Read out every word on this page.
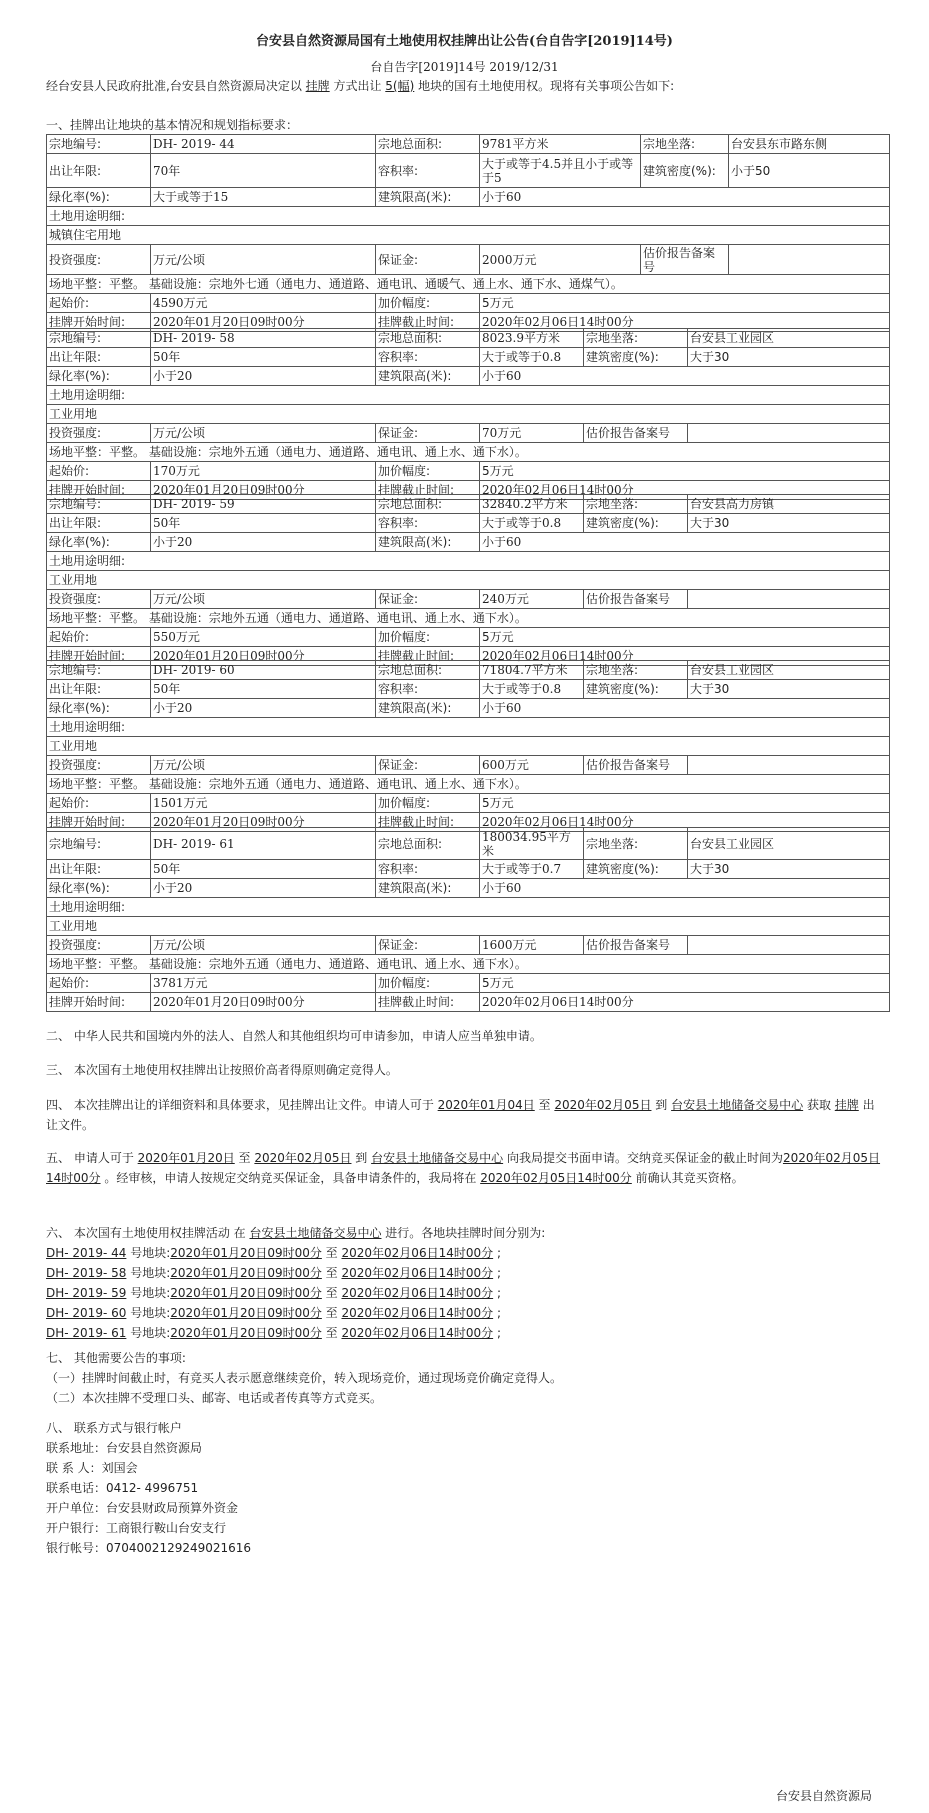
台安县自然资源局国有土地使用权挂牌出让公告(台自告字[2019]14号)
台自告字[2019]14号 2019/12/31
经台安县人民政府批准,台安县自然资源局决定以 挂牌 方式出让 5(幅) 地块的国有土地使用权。现将有关事项公告如下:
一、挂牌出让地块的基本情况和规划指标要求：
宗地编号:	DH- 2019- 44	宗地总面积:	9781平方米	宗地坐落:	台安县东市路东侧
出让年限:	70年	容积率:	大于或等于4.5并且小于或等于5	建筑密度(%):	小于50
绿化率(%):	大于或等于15	建筑限高(米):	小于60		
土地用途明细:					
城镇住宅用地					
投资强度:	万元/公顷	保证金:	2000万元	估价报告备案号	
场地平整：平整。 基础设施：宗地外七通（通电力、通道路、通电讯、通暖气、通上水、通下水、通煤气）。					
起始价:	4590万元	加价幅度:	5万元		
挂牌开始时间:	2020年01月20日09时00分	挂牌截止时间:	2020年02月06日14时00分		
宗地编号:	DH- 2019- 58	宗地总面积:	8023.9平方米	宗地坐落:	台安县工业园区
出让年限:	50年	容积率:	大于或等于0.8	建筑密度(%):	大于30
绿化率(%):	小于20	建筑限高(米):	小于60		
土地用途明细:					
工业用地					
投资强度:	万元/公顷	保证金:	70万元	估价报告备案号	
场地平整：平整。 基础设施：宗地外五通（通电力、通道路、通电讯、通上水、通下水）。					
起始价:	170万元	加价幅度:	5万元		
挂牌开始时间:	2020年01月20日09时00分	挂牌截止时间:	2020年02月06日14时00分		
宗地编号:	DH- 2019- 59	宗地总面积:	32840.2平方米	宗地坐落:	台安县高力房镇
出让年限:	50年	容积率:	大于或等于0.8	建筑密度(%):	大于30
绿化率(%):	小于20	建筑限高(米):	小于60		
土地用途明细:					
工业用地					
投资强度:	万元/公顷	保证金:	240万元	估价报告备案号	
场地平整：平整。 基础设施：宗地外五通（通电力、通道路、通电讯、通上水、通下水）。					
起始价:	550万元	加价幅度:	5万元		
挂牌开始时间:	2020年01月20日09时00分	挂牌截止时间:	2020年02月06日14时00分		
宗地编号:	DH- 2019- 60	宗地总面积:	71804.7平方米	宗地坐落:	台安县工业园区
出让年限:	50年	容积率:	大于或等于0.8	建筑密度(%):	大于30
绿化率(%):	小于20	建筑限高(米):	小于60		
土地用途明细:					
工业用地					
投资强度:	万元/公顷	保证金:	600万元	估价报告备案号	
场地平整：平整。 基础设施：宗地外五通（通电力、通道路、通电讯、通上水、通下水）。					
起始价:	1501万元	加价幅度:	5万元		
挂牌开始时间:	2020年01月20日09时00分	挂牌截止时间:	2020年02月06日14时00分		
宗地编号:	DH- 2019- 61	宗地总面积:	180034.95平方米	宗地坐落:	台安县工业园区
出让年限:	50年	容积率:	大于或等于0.7	建筑密度(%):	大于30
绿化率(%):	小于20	建筑限高(米):	小于60		
土地用途明细:					
工业用地					
投资强度:	万元/公顷	保证金:	1600万元	估价报告备案号	
场地平整：平整。 基础设施：宗地外五通（通电力、通道路、通电讯、通上水、通下水）。					
起始价:	3781万元	加价幅度:	5万元		
挂牌开始时间:	2020年01月20日09时00分	挂牌截止时间:	2020年02月06日14时00分		
二、 中华人民共和国境内外的法人、自然人和其他组织均可申请参加，申请人应当单独申请。
三、 本次国有土地使用权挂牌出让按照价高者得原则确定竞得人。
四、 本次挂牌出让的详细资料和具体要求，见挂牌出让文件。申请人可于 2020年01月04日 至 2020年02月05日 到 台安县土地储备交易中心 获取 挂牌 出让文件。
五、 申请人可于 2020年01月20日 至 2020年02月05日 到 台安县土地储备交易中心 向我局提交书面申请。交纳竞买保证金的截止时间为2020年02月05日14时00分 。经审核，申请人按规定交纳竞买保证金，具备申请条件的，我局将在 2020年02月05日14时00分 前确认其竞买资格。
六、 本次国有土地使用权挂牌活动 在 台安县土地储备交易中心 进行。各地块挂牌时间分别为:
DH- 2019- 44 号地块:2020年01月20日09时00分 至 2020年02月06日14时00分 ;
DH- 2019- 58 号地块:2020年01月20日09时00分 至 2020年02月06日14时00分 ;
DH- 2019- 59 号地块:2020年01月20日09时00分 至 2020年02月06日14时00分 ;
DH- 2019- 60 号地块:2020年01月20日09时00分 至 2020年02月06日14时00分 ;
DH- 2019- 61 号地块:2020年01月20日09时00分 至 2020年02月06日14时00分 ;
七、 其他需要公告的事项:
（一）挂牌时间截止时，有竞买人表示愿意继续竞价，转入现场竞价，通过现场竞价确定竞得人。
（二）本次挂牌不受理口头、邮寄、电话或者传真等方式竞买。
八、 联系方式与银行帐户
联系地址：台安县自然资源局
联 系 人：刘国会
联系电话：0412- 4996751
开户单位：台安县财政局预算外资金
开户银行：工商银行鞍山台安支行
银行帐号：0704002129249021616
台安县自然资源局
